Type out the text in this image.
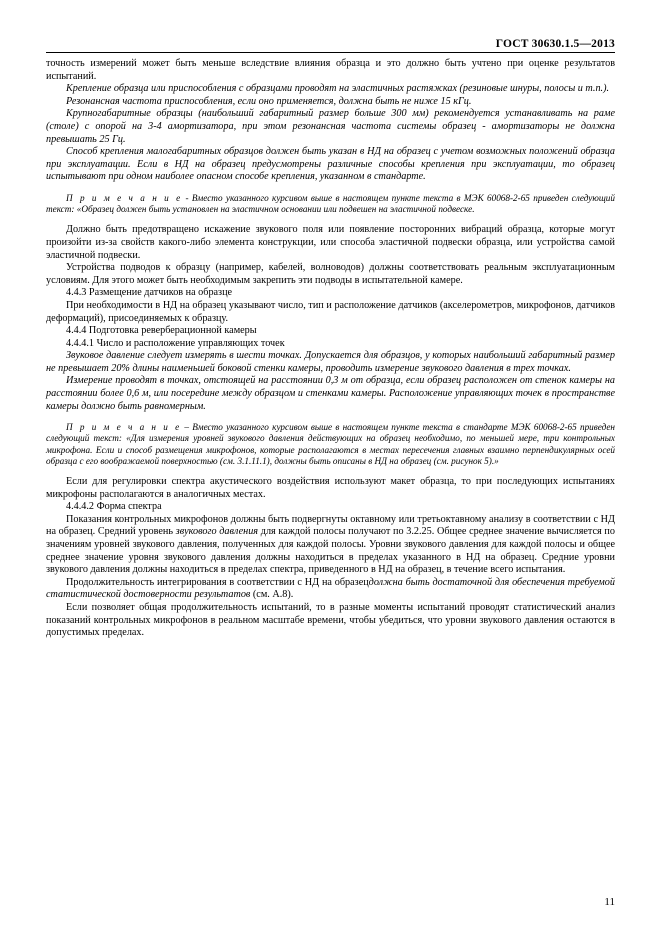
ГОСТ 30630.1.5—2013

точность измерений может быть меньше вследствие влияния образца и это должно быть учтено при оценке результатов испытаний.

Крепление образца или приспособления с образцами проводят на эластичных растяжках (резиновые шнуры, полосы и т.п.).

Резонансная частота приспособления, если оно применяется, должна быть не ниже 15 кГц.

Крупногабаритные образцы (наибольший габаритный размер больше 300 мм) рекомендуется устанавливать на раме (столе) с опорой на 3-4 амортизатора, при этом резонансная частота системы образец - амортизаторы не должна превышать 25 Гц.

Способ крепления малогабаритных образцов должен быть указан в НД на образец с учетом возможных положений образца при эксплуатации. Если в НД на образец предусмотрены различные способы крепления при эксплуатации, то образец испытывают при одном наиболее опасном способе крепления, указанном в стандарте.

П р и м е ч а н и е - Вместо указанного курсивом выше в настоящем пункте текста в МЭК 60068-2-65 приведен следующий текст: «Образец должен быть установлен на эластичном основании или подвешен на эластичной подвеске.

Должно быть предотвращено искажение звукового поля или появление посторонних вибраций образца, которые могут произойти из-за свойств какого-либо элемента конструкции, или способа эластичной подвески образца, или устройства самой эластичной подвески.

Устройства подводов к образцу (например, кабелей, волноводов) должны соответствовать реальным эксплуатационным условиям. Для этого может быть необходимым закрепить эти подводы в испытательной камере.

4.4.3 Размещение датчиков на образце

При необходимости в НД на образец указывают число, тип и расположение датчиков (акселерометров, микрофонов, датчиков деформаций), присоединяемых к образцу.

4.4.4 Подготовка реверберационной камеры

4.4.4.1 Число и расположение управляющих точек

Звуковое давление следует измерять в шести точках. Допускается для образцов, у которых наибольший габаритный размер не превышает 20% длины наименьшей боковой стенки камеры, проводить измерение звукового давления в трех точках.

Измерение проводят в точках, отстоящей на расстоянии 0,3 м от образца, если образец расположен от стенок камеры на расстоянии более 0,6 м, или посередине между образцом и стенками камеры. Расположение управляющих точек в пространстве камеры должно быть равномерным.

П р и м е ч а н и е – Вместо указанного курсивом выше в настоящем пункте текста в стандарте МЭК 60068-2-65 приведен следующий текст: «Для измерения уровней звукового давления действующих на образец необходимо, по меньшей мере, три контрольных микрофона. Если и способ размещения микрофонов, которые располагаются в местах пересечения главных взаимно перпендикулярных осей образца с его воображаемой поверхностью (см. 3.1.11.1), должны быть описаны в НД на образец (см. рисунок 5).»

Если для регулировки спектра акустического воздействия используют макет образца, то при последующих испытаниях микрофоны располагаются в аналогичных местах.

4.4.4.2 Форма спектра

Показания контрольных микрофонов должны быть подвергнуты октавному или третьоктавному анализу в соответствии с НД на образец. Средний уровень звукового давления для каждой полосы получают по 3.2.25. Общее среднее значение вычисляется по значениям уровней звукового давления, полученных для каждой полосы. Уровни звукового давления для каждой полосы и общее среднее значение уровня звукового давления должны находиться в пределах указанного в НД на образец. Средние уровни звукового давления должны находиться в пределах спектра, приведенного в НД на образец, в течение всего испытания.

Продолжительность интегрирования в соответствии с НД на образецдолжна быть достаточной для обеспечения требуемой статистической достоверности результатов (см. А.8).

Если позволяет общая продолжительность испытаний, то в разные моменты испытаний проводят статистический анализ показаний контрольных микрофонов в реальном масштабе времени, чтобы убедиться, что уровни звукового давления остаются в допустимых пределах.

11
